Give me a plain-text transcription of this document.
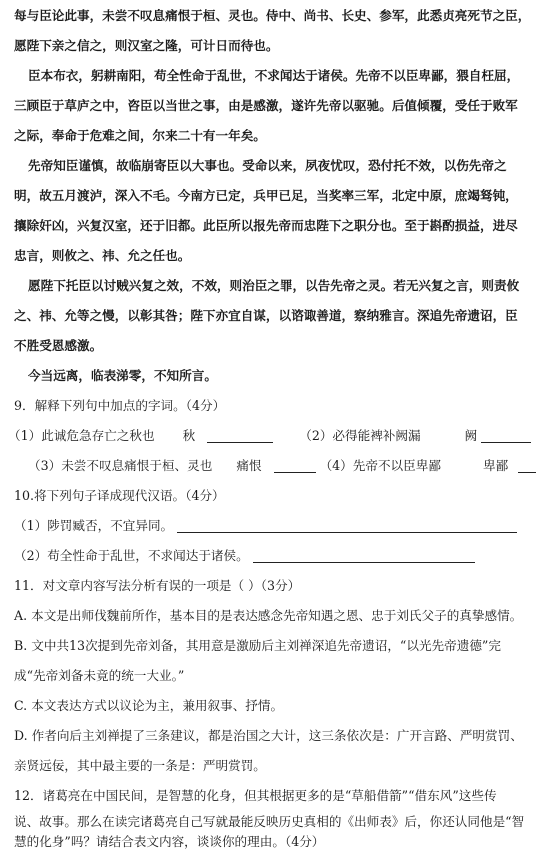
每与臣论此事，未尝不叹息痛恨于桓、灵也。侍中、尚书、长史、参军，此悉贞亮死节之臣，
愿陛下亲之信之，则汉室之隆，可计日而待也。
臣本布衣，躬耕南阳，苟全性命于乱世，不求闻达于诸侯。先帝不以臣卑鄙，猥自枉屈，
三顾臣于草庐之中，咨臣以当世之事，由是感激，遂许先帝以驱驰。后值倾覆，受任于败军
之际，奉命于危难之间，尔来二十有一年矣。
先帝知臣谨慎，故临崩寄臣以大事也。受命以来，夙夜忧叹，恐付托不效，以伤先帝之
明，故五月渡泸，深入不毛。今南方已定，兵甲已足，当奖率三军，北定中原，庶竭驽钝，
攘除奸凶，兴复汉室，还于旧都。此臣所以报先帝而忠陛下之职分也。至于斟酌损益，进尽
忠言，则攸之、祎、允之任也。
愿陛下托臣以讨贼兴复之效，不效，则治臣之罪，以告先帝之灵。若无兴复之言，则责攸
之、祎、允等之慢，以彰其咎；陛下亦宜自谋，以谘诹善道，察纳雅言。深追先帝遗诏，臣
不胜受恩感激。
今当远离，临表涕零，不知所言。
9．解释下列句中加点的字词。（4分）
（1）此诚危急存亡之秋也 秋	（2）必得能裨补阙漏	阙
（3）未尝不叹息痛恨于桓、灵也 痛恨	（4）先帝不以臣卑鄙	卑鄙
10.将下列句子译成现代汉语。（4分）
（1）陟罚臧否，不宜异同。
（2）苟全性命于乱世，不求闻达于诸侯。
11．对文章内容写法分析有误的一项是（ ）（3分）
A. 本文是出师伐魏前所作，基本目的是表达感念先帝知遇之恩、忠于刘氏父子的真挚感情。
B. 文中共13次提到先帝刘备，其用意是激励后主刘禅深追先帝遗诏，“以光先帝遗德”完
成“先帝刘备未竟的统一大业。”
C. 本文表达方式以议论为主，兼用叙事、抒情。
D. 作者向后主刘禅提了三条建议，都是治国之大计，这三条依次是：广开言路、严明赏罚、
亲贤远佞，其中最主要的一条是：严明赏罚。
12．诸葛亮在中国民间，是智慧的化身，但其根据更多的是“草船借箭”“借东风”这些传
说、故事。那么在读完诸葛亮自己写就最能反映历史真相的《出师表》后，你还认同他是“智
慧的化身”吗？请结合表文内容，谈谈你的理由。（4分）
